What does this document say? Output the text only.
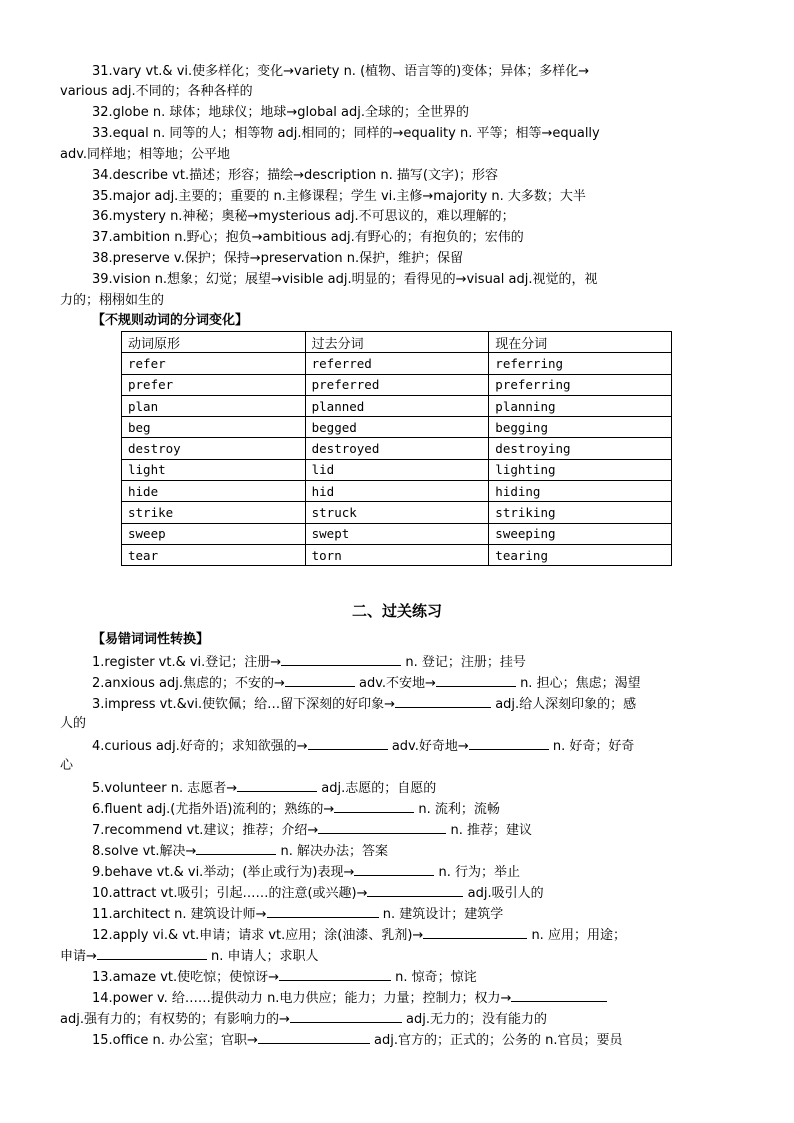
31.vary vt.& vi.使多样化；变化→variety n. (植物、语言等的)变体；异体；多样化→
various adj.不同的；各种各样的
32.globe n. 球体；地球仪；地球→global adj.全球的；全世界的
33.equal n. 同等的人；相等物 adj.相同的；同样的→equality n. 平等；相等→equally
adv.同样地；相等地；公平地
34.describe vt.描述；形容；描绘→description n. 描写(文字)；形容
35.major adj.主要的；重要的 n.主修课程；学生 vi.主修→majority n. 大多数；大半
36.mystery n.神秘；奥秘→mysterious adj.不可思议的，难以理解的；
37.ambition n.野心；抱负→ambitious adj.有野心的；有抱负的；宏伟的
38.preserve v.保护；保持→preservation n.保护，维护；保留
39.vision n.想象；幻觉；展望→visible adj.明显的；看得见的→visual adj.视觉的，视
力的；栩栩如生的
【不规则动词的分词变化】
动词原形	过去分词	现在分词
refer	referred	referring
prefer	preferred	preferring
plan	planned	planning
beg	begged	begging
destroy	destroyed	destroying
light	lid	lighting
hide	hid	hiding
strike	struck	striking
sweep	swept	sweeping
tear	torn	tearing
二、过关练习
【易错词词性转换】
1.register vt.& vi.登记；注册→	n. 登记；注册；挂号
2.anxious adj.焦虑的；不安的→	adv.不安地→	n. 担心；焦虑；渴望
3.impress vt.&vi.使钦佩；给…留下深刻的好印象→	adj.给人深刻印象的；感
人的
4.curious adj.好奇的；求知欲强的→	adv.好奇地→	n. 好奇；好奇
心
5.volunteer n. 志愿者→	adj.志愿的；自愿的
6.fluent adj.(尤指外语)流利的；熟练的→	n. 流利；流畅
7.recommend vt.建议；推荐；介绍→	n. 推荐；建议
8.solve vt.解决→	n. 解决办法；答案
9.behave vt.& vi.举动；(举止或行为)表现→	n. 行为；举止
10.attract vt.吸引；引起……的注意(或兴趣)→	adj.吸引人的
11.architect n. 建筑设计师→	n. 建筑设计；建筑学
12.apply vi.& vt.申请；请求 vt.应用；涂(油漆、乳剂)→	n. 应用；用途；
申请→	n. 申请人；求职人
13.amaze vt.使吃惊；使惊讶→	n. 惊奇；惊诧
14.power v. 给……提供动力 n.电力供应；能力；力量；控制力；权力→
adj.强有力的；有权势的；有影响力的→	adj.无力的；没有能力的
15.office n. 办公室；官职→	adj.官方的；正式的；公务的 n.官员；要员
